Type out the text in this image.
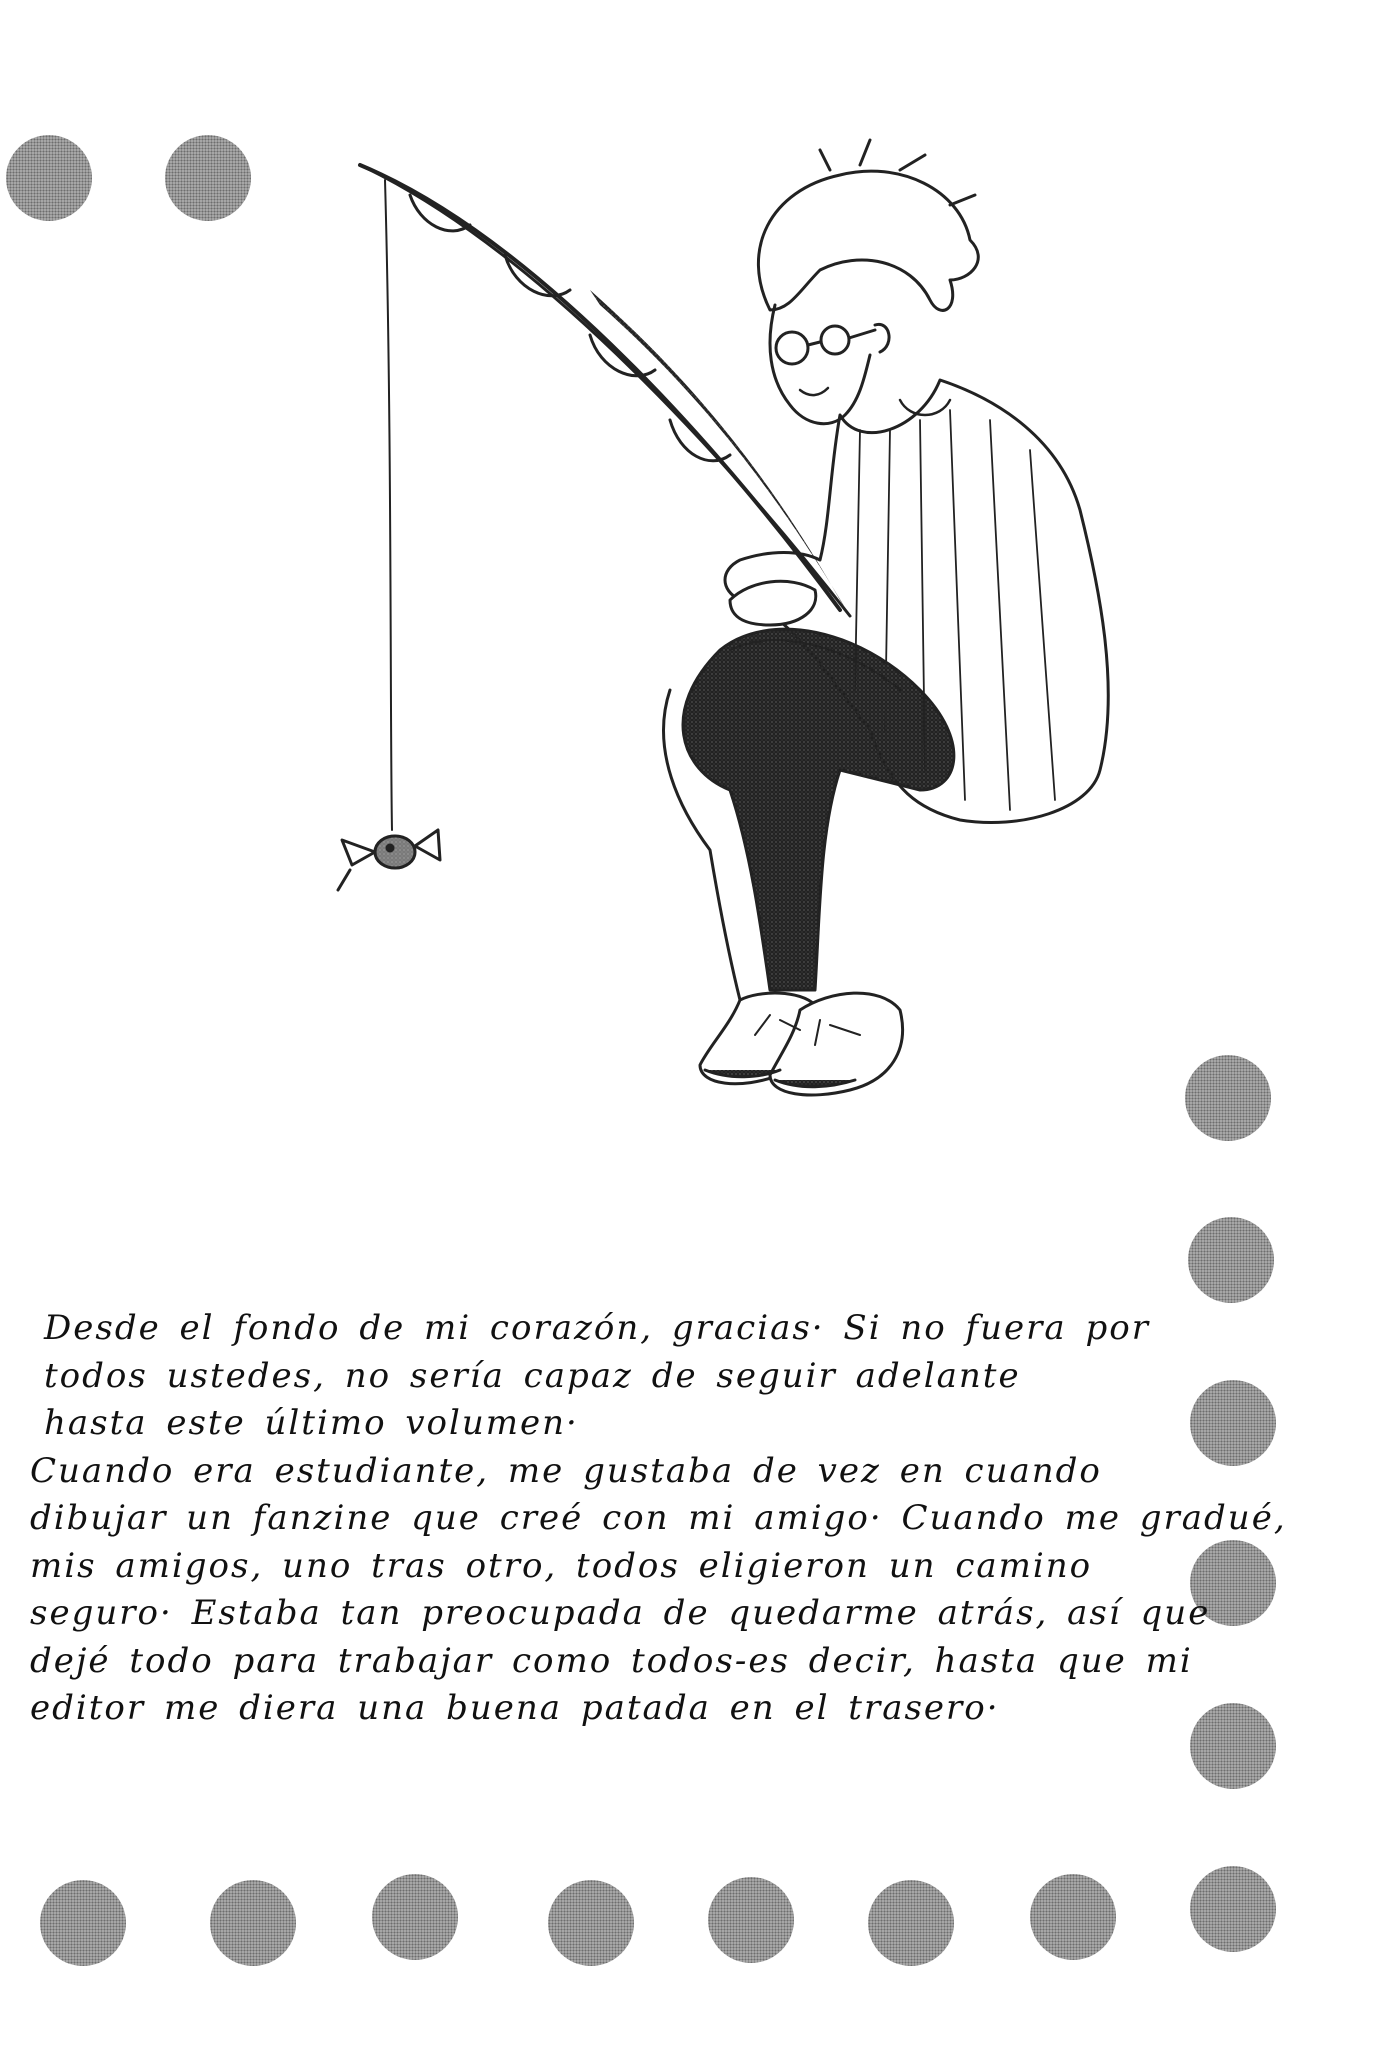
Desde el fondo de mi corazón, gracias· Si no fuera por
todos ustedes, no sería capaz de seguir adelante
hasta este último volumen·
Cuando era estudiante, me gustaba de vez en cuando
dibujar un fanzine que creé con mi amigo· Cuando me gradué,
mis amigos, uno tras otro, todos eligieron un camino
seguro· Estaba tan preocupada de quedarme atrás, así que
dejé todo para trabajar como todos-es decir, hasta que mi
editor me diera una buena patada en el trasero·
